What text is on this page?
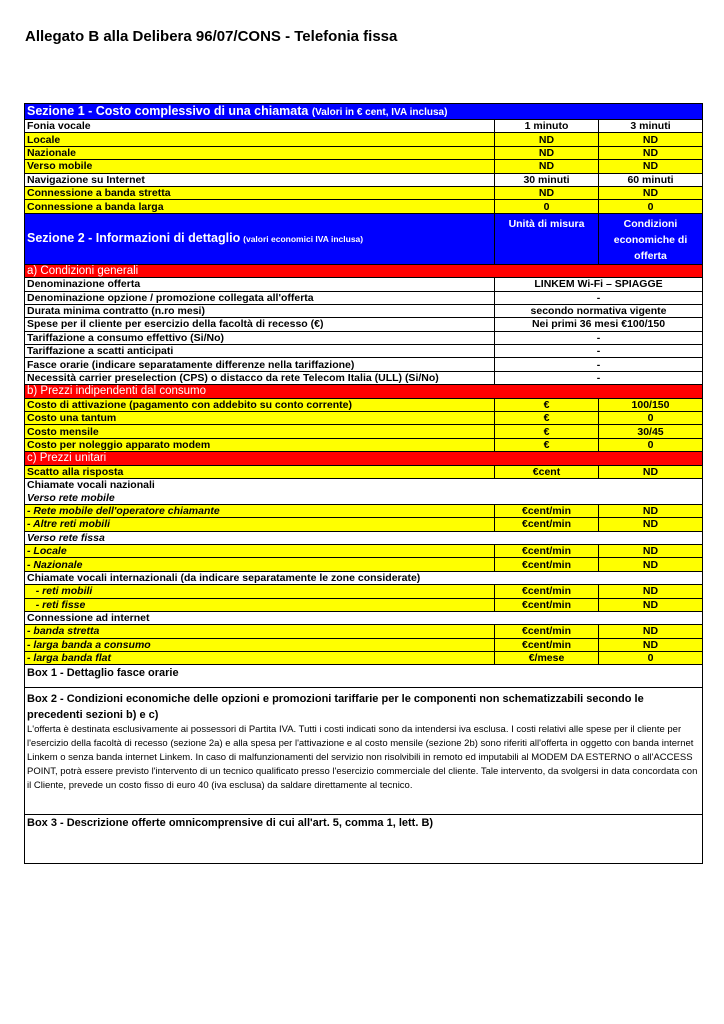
Allegato B alla Delibera 96/07/CONS - Telefonia fissa
Sezione 1 - Costo complessivo di una chiamata (Valori in € cent, IVA inclusa)		
Fonia vocale	1 minuto	3 minuti
Locale	ND	ND
Nazionale	ND	ND
Verso mobile	ND	ND
Navigazione su Internet	30 minuti	60 minuti
Connessione a banda stretta	ND	ND
Connessione a banda larga	0	0
Sezione 2 - Informazioni di dettaglio (valori economici IVA inclusa)	Unità di misura	Condizioni economiche di offerta
a) Condizioni generali		
Denominazione offerta	LINKEM Wi-Fi – SPIAGGE	
Denominazione opzione / promozione collegata all'offerta	-	
Durata minima contratto (n.ro mesi)	secondo normativa vigente	
Spese per il cliente per esercizio della facoltà di recesso (€)	Nei primi 36 mesi €100/150	
Tariffazione a consumo effettivo (Si/No)	-	
Tariffazione a scatti anticipati	-	
Fasce orarie (indicare separatamente differenze nella tariffazione)	-	
Necessità carrier preselection (CPS) o distacco da rete Telecom Italia (ULL) (Si/No)	-	
b) Prezzi indipendenti dal consumo		
Costo di attivazione (pagamento con addebito su conto corrente)	€	100/150
Costo una tantum	€	0
Costo mensile	€	30/45
Costo per noleggio apparato modem	€	0
c) Prezzi unitari		
Scatto alla risposta	€cent	ND
Chiamate vocali nazionali		
Verso rete mobile		
- Rete mobile dell'operatore chiamante	€cent/min	ND
- Altre reti mobili	€cent/min	ND
Verso rete fissa		
- Locale	€cent/min	ND
- Nazionale	€cent/min	ND
Chiamate vocali internazionali (da indicare separatamente le zone considerate)		
- reti mobili	€cent/min	ND
- reti fisse	€cent/min	ND
Connessione ad internet		
- banda stretta	€cent/min	ND
- larga banda a consumo	€cent/min	ND
- larga banda flat	€/mese	0
Box 1 - Dettaglio fasce orarie		

Box 2 - Condizioni economiche delle opzioni e promozioni tariffarie per le componenti non schematizzabili secondo le precedenti sezioni b) e c)
L'offerta è destinata esclusivamente ai possessori di Partita IVA. Tutti i costi indicati sono da intendersi iva esclusa. I costi relativi alle spese per il cliente per l'esercizio della facoltà di recesso (sezione 2a) e alla spesa per l'attivazione e al costo mensile (sezione 2b) sono riferiti all'offerta in oggetto con banda internet Linkem o senza banda internet Linkem. In caso di malfunzionamenti del servizio non risolvibili in remoto ed imputabili al MODEM DA ESTERNO o all'ACCESS POINT, potrà essere previsto l'intervento di un tecnico qualificato presso l'esercizio commerciale del cliente. Tale intervento, da svolgersi in data concordata con il Cliente, prevede un costo fisso di euro 40 (iva esclusa) da saldare direttamente al tecnico.		

Box 3 - Descrizione offerte omnicomprensive di cui all'art. 5, comma 1, lett. B)		
